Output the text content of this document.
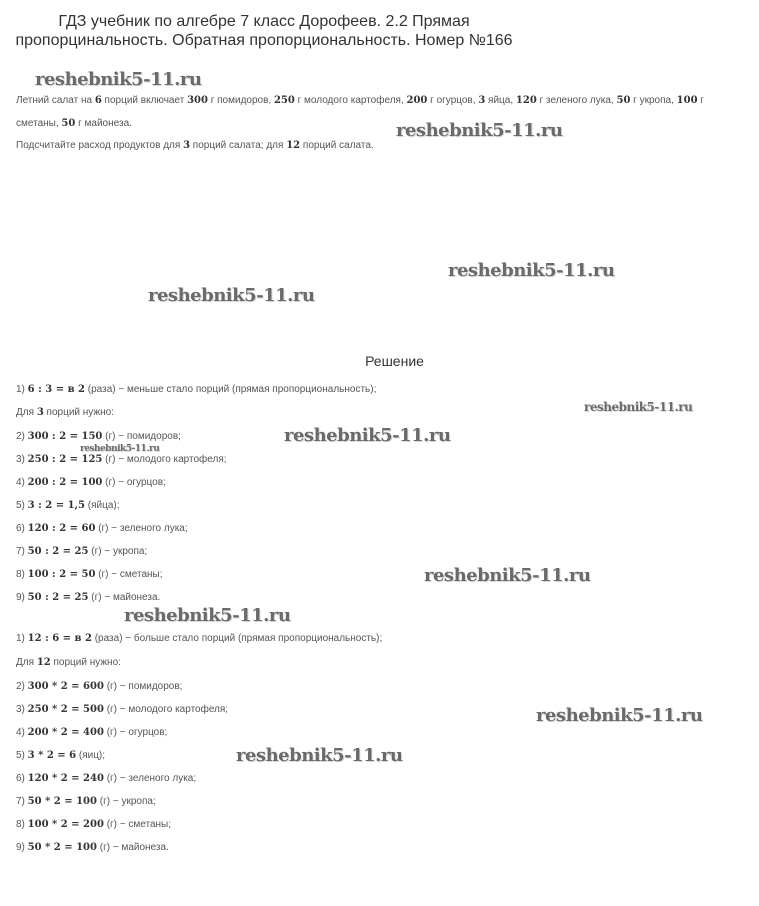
ГДЗ учебник по алгебре 7 класс Дорофеев. 2.2 Прямая пропорцинальность. Обратная пропорциональность. Номер №166
Летний салат на 6 порций включает 300 г помидоров, 250 г молодого картофеля, 200 г огурцов, 3 яйца, 120 г зеленого лука, 50 г укропа, 100 г сметаны, 50 г майонеза.
Подсчитайте расход продуктов для 3 порций салата; для 12 порций салата.
Решение
1) 6 : 3 = в 2 (раза) − меньше стало порций (прямая пропорциональность);
Для 3 порций нужно:
2) 300 : 2 = 150 (г) − помидоров;
3) 250 : 2 = 125 (г) − молодого картофеля;
4) 200 : 2 = 100 (г) − огурцов;
5) 3 : 2 = 1,5 (яйца);
6) 120 : 2 = 60 (г) − зеленого лука;
7) 50 : 2 = 25 (г) − укропа;
8) 100 : 2 = 50 (г) − сметаны;
9) 50 : 2 = 25 (г) − майонеза.
1) 12 : 6 = в 2 (раза) − больше стало порций (прямая пропорциональность);
Для 12 порций нужно:
2) 300 * 2 = 600 (г) − помидоров;
3) 250 * 2 = 500 (г) − молодого картофеля;
4) 200 * 2 = 400 (г) − огурцов;
5) 3 * 2 = 6 (яиц);
6) 120 * 2 = 240 (г) − зеленого лука;
7) 50 * 2 = 100 (г) − укропа;
8) 100 * 2 = 200 (г) − сметаны;
9) 50 * 2 = 100 (г) − майонеза.
reshebnik5-11.ru
reshebnik5-11.ru
reshebnik5-11.ru
reshebnik5-11.ru
reshebnik5-11.ru
reshebnik5-11.ru
reshebnik5-11.ru
reshebnik5-11.ru
reshebnik5-11.ru
reshebnik5-11.ru
reshebnik5-11.ru
